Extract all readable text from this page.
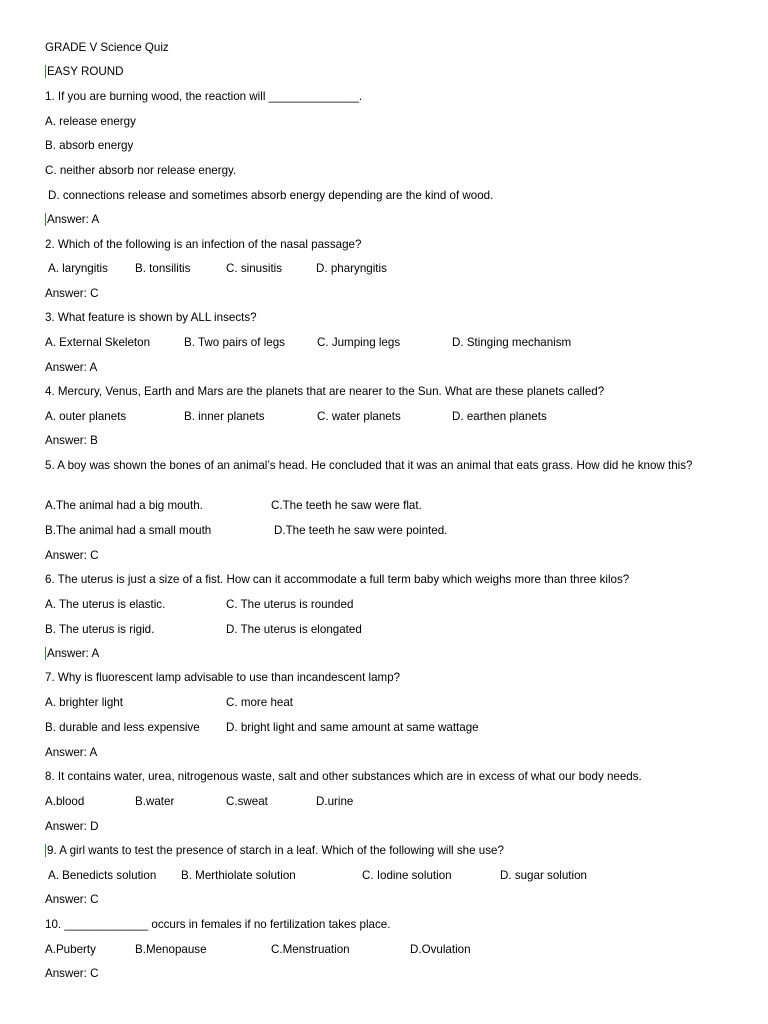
GRADE V Science Quiz
EASY ROUND
1. If you are burning wood, the reaction will ______________.
A. release energy
B. absorb energy
C. neither absorb nor release energy.
D. connections release and sometimes absorb energy depending are the kind of wood.
Answer: A
2. Which of the following is an infection of the nasal passage?
A. laryngitis B. tonsilitis	C. sinusitis	D. pharyngitis
Answer: C
3. What feature is shown by ALL insects?
A. External Skeleton	B. Two pairs of legs	C. Jumping legs	D. Stinging mechanism
Answer: A
4. Mercury, Venus, Earth and Mars are the planets that are nearer to the Sun. What are these planets called?
A. outer planets	B. inner planets	C. water planets	D. earthen planets
Answer: B
5. A boy was shown the bones of an animal’s head. He concluded that it was an animal that eats grass. How did he know this?
A.The animal had a big mouth.	C.The teeth he saw were flat.
B.The animal had a small mouth	D.The teeth he saw were pointed.
Answer: C
6. The uterus is just a size of a fist. How can it accommodate a full term baby which weighs more than three kilos?
A. The uterus is elastic.	C. The uterus is rounded
B. The uterus is rigid.	D. The uterus is elongated
Answer: A
7. Why is fluorescent lamp advisable to use than incandescent lamp?
A. brighter light	C. more heat
B. durable and less expensive D. bright light and same amount at same wattage
Answer: A
8. It contains water, urea, nitrogenous waste, salt and other substances which are in excess of what our body needs.
A.blood	B.water	C.sweat	D.urine
Answer: D
9. A girl wants to test the presence of starch in a leaf. Which of the following will she use?
A. Benedicts solution B. Merthiolate solution	C. Iodine solution	D. sugar solution
Answer: C
10. _____________ occurs in females if no fertilization takes place.
A.Puberty	B.Menopause	C.Menstruation	D.Ovulation
Answer: C
